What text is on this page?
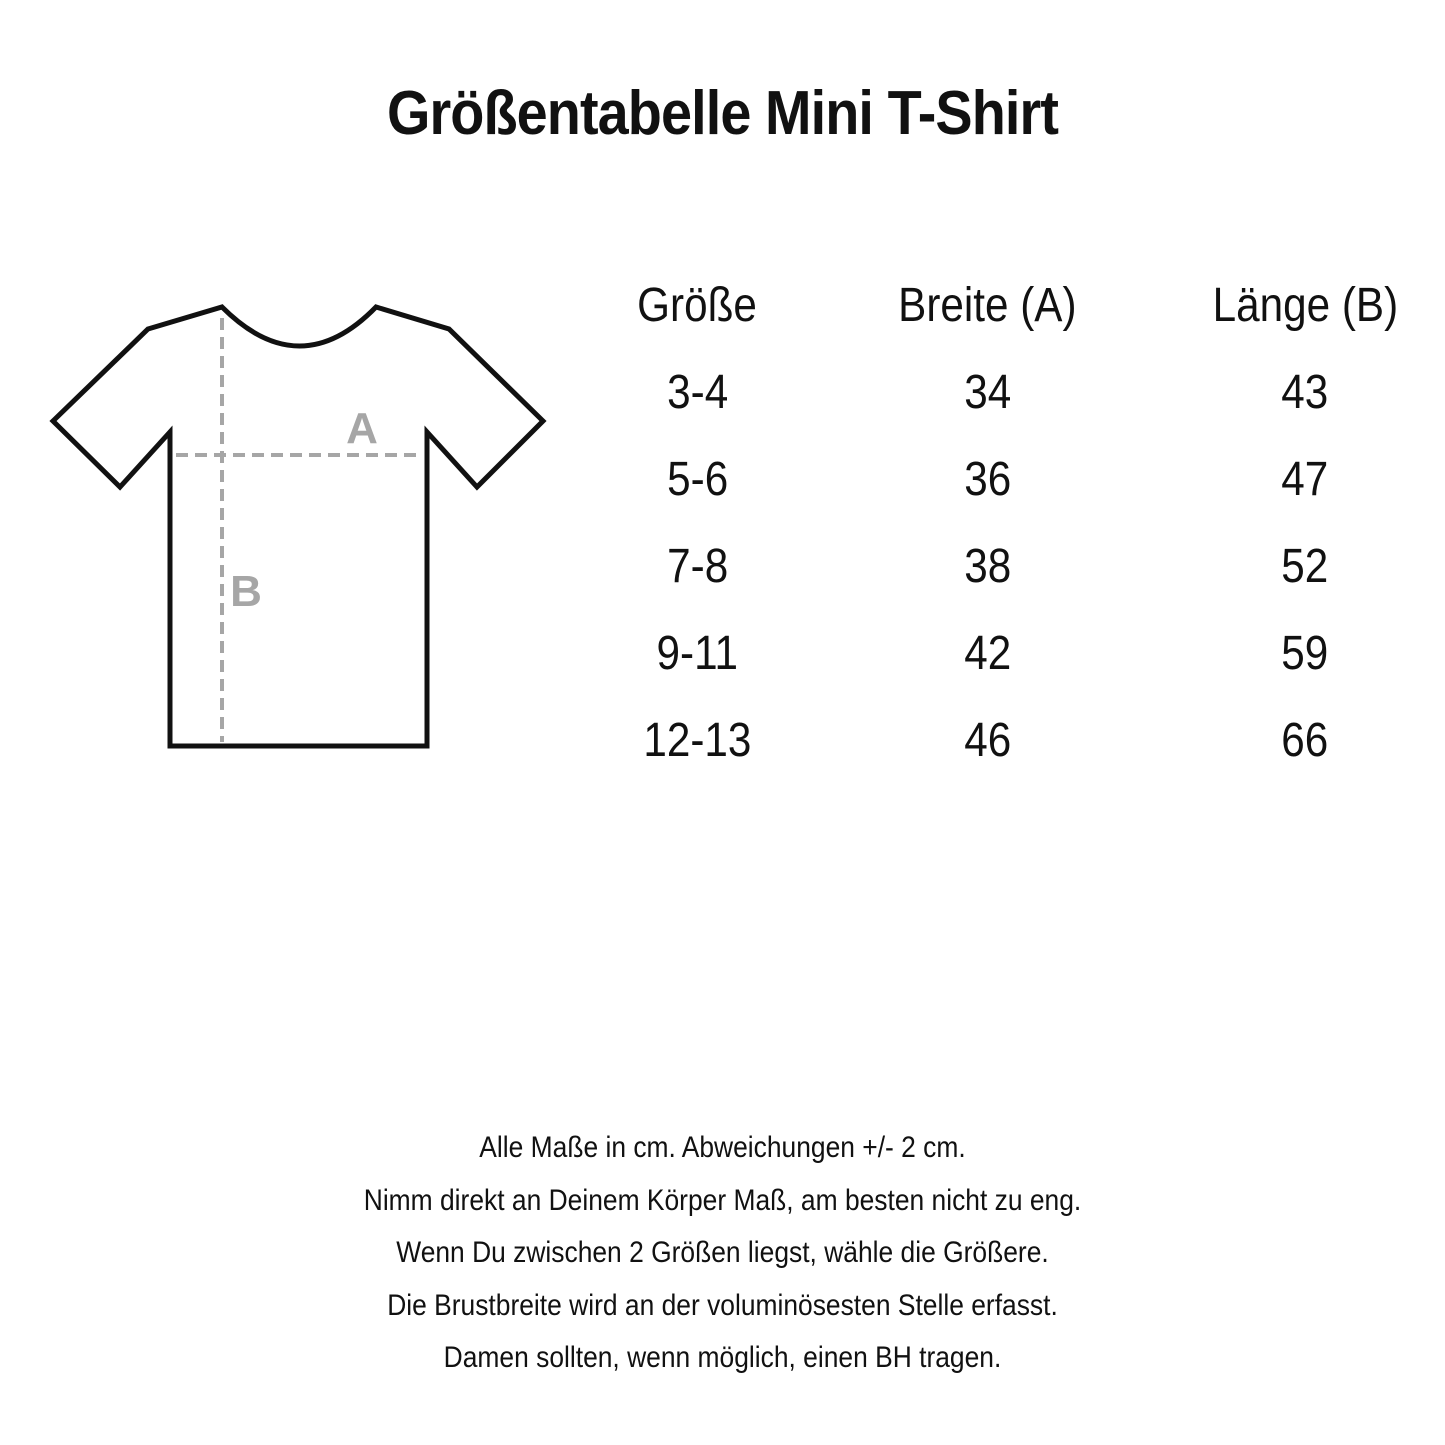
Größentabelle Mini T-Shirt
A
B
Größe	Breite (A)	Länge (B)
3-4	34	43
5-6	36	47
7-8	38	52
9-11	42	59
12-13	46	66
Alle Maße in cm. Abweichungen +/- 2 cm.
Nimm direkt an Deinem Körper Maß, am besten nicht zu eng.
Wenn Du zwischen 2 Größen liegst, wähle die Größere.
Die Brustbreite wird an der voluminösesten Stelle erfasst.
Damen sollten, wenn möglich, einen BH tragen.
